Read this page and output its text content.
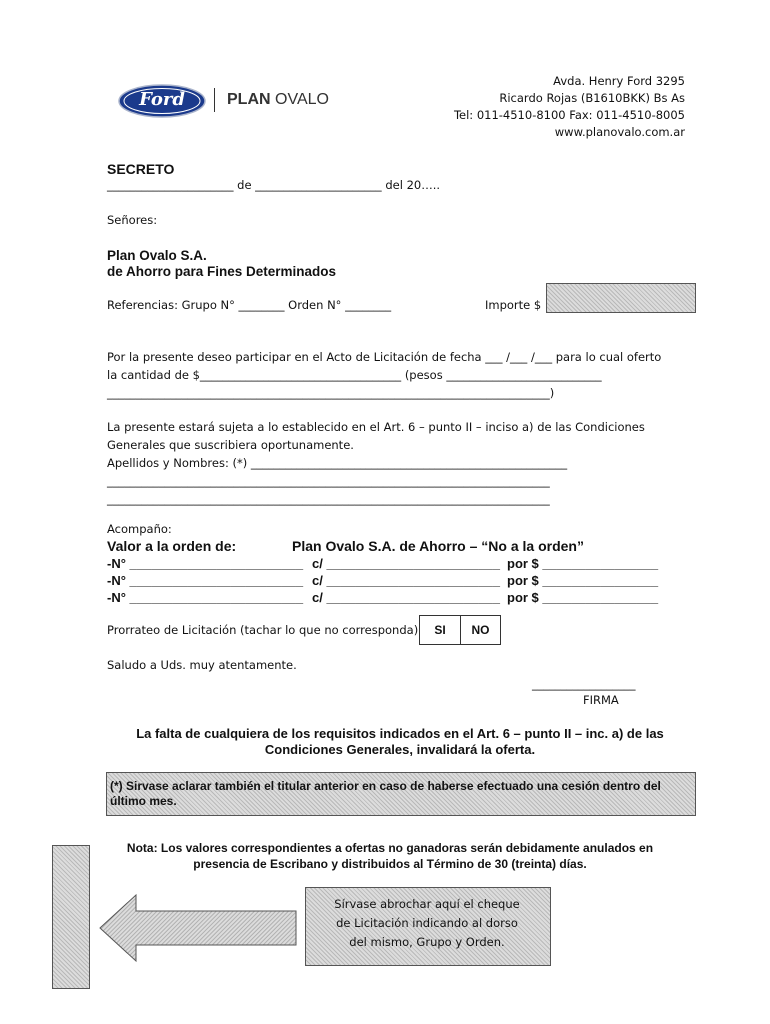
Ford	PLAN OVALO
Avda. Henry Ford 3295
Ricardo Rojas (B1610BKK) Bs As
Tel: 011-4510-8100 Fax: 011-4510-8005
www.planovalo.com.ar
SECRETO
______________________ de ______________________ del 20…..
Señores:
Plan Ovalo S.A.
de Ahorro para Fines Determinados
Referencias: Grupo N° ________ Orden N° ________	Importe $
Por la presente deseo participar en el Acto de Licitación de fecha ___ /___ /___ para lo cual oferto
la cantidad de $___________________________________ (pesos ___________________________
_____________________________________________________________________________)
La presente estará sujeta a lo establecido en el Art. 6 – punto II – inciso a) de las Condiciones
Generales que suscribiera oportunamente.
Apellidos y Nombres: (*) _______________________________________________________
_____________________________________________________________________________
_____________________________________________________________________________
Acompaño:
Valor a la orden de:	Plan Ovalo S.A. de Ahorro – “No a la orden”
-N° ________________________ c/ ________________________ por $ ________________
-N° ________________________ c/ ________________________ por $ ________________
-N° ________________________ c/ ________________________ por $ ________________
Prorrateo de Licitación (tachar lo que no corresponda)	SI	NO
Saludo a Uds. muy atentamente.
__________________
FIRMA
La falta de cualquiera de los requisitos indicados en el Art. 6 – punto II – inc. a) de las
Condiciones Generales, invalidará la oferta.
(*) Sirvase aclarar también el titular anterior en caso de haberse efectuado una cesión dentro del
último mes.
Nota: Los valores correspondientes a ofertas no ganadoras serán debidamente anulados en
presencia de Escribano y distribuidos al Término de 30 (treinta) días.
Sírvase abrochar aquí el cheque
de Licitación indicando al dorso
del mismo, Grupo y Orden.
